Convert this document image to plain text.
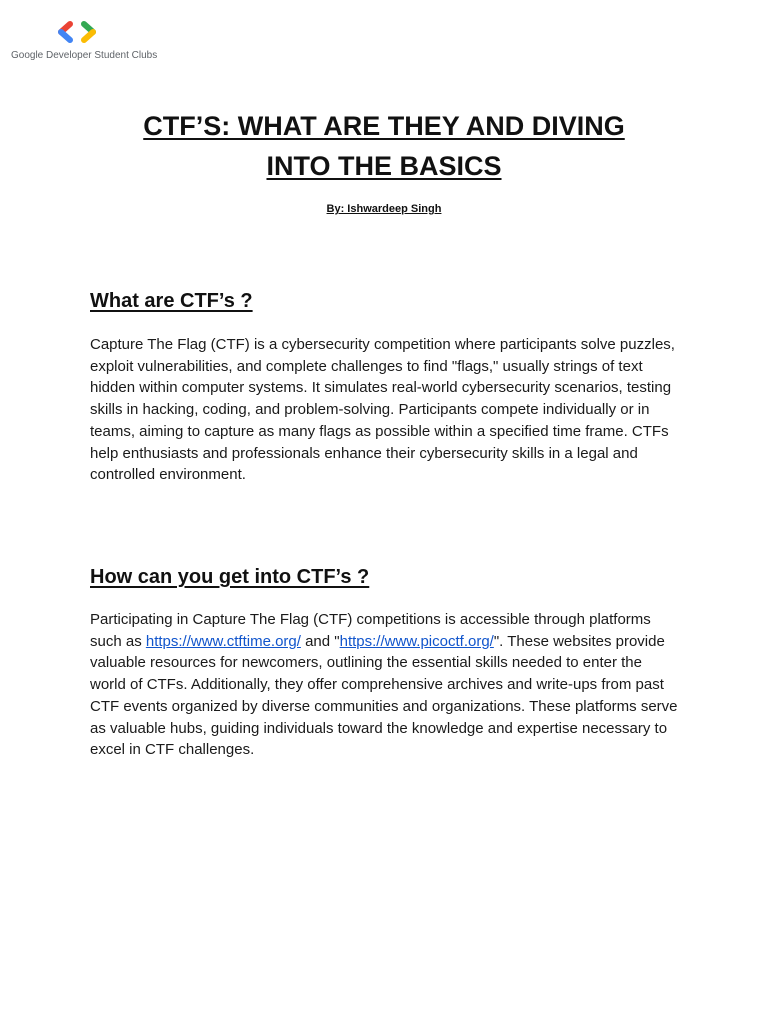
Google Developer Student Clubs
CTF’S: WHAT ARE THEY AND DIVING
INTO THE BASICS

By: Ishwardeep Singh

What are CTF’s ?

Capture The Flag (CTF) is a cybersecurity competition where participants solve puzzles, exploit vulnerabilities, and complete challenges to find "flags," usually strings of text hidden within computer systems. It simulates real-world cybersecurity scenarios, testing skills in hacking, coding, and problem-solving. Participants compete individually or in teams, aiming to capture as many flags as possible within a specified time frame. CTFs help enthusiasts and professionals enhance their cybersecurity skills in a legal and controlled environment.

How can you get into CTF’s ?

Participating in Capture The Flag (CTF) competitions is accessible through platforms such as https://www.ctftime.org/ and "https://www.picoctf.org/". These websites provide valuable resources for newcomers, outlining the essential skills needed to enter the world of CTFs. Additionally, they offer comprehensive archives and write-ups from past CTF events organized by diverse communities and organizations. These platforms serve as valuable hubs, guiding individuals toward the knowledge and expertise necessary to excel in CTF challenges.
